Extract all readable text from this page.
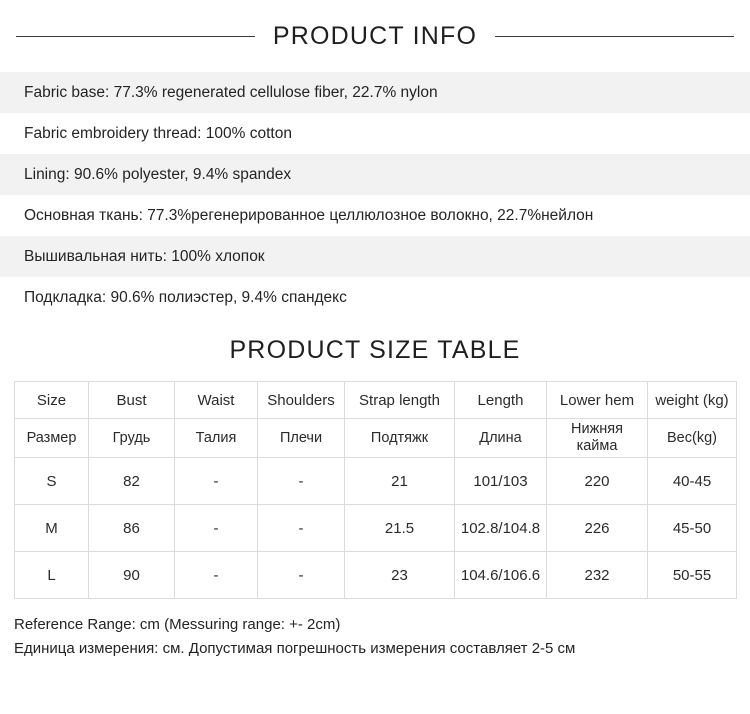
PRODUCT INFO
Fabric base: 77.3% regenerated cellulose fiber, 22.7% nylon
Fabric embroidery thread: 100% cotton
Lining: 90.6% polyester, 9.4% spandex
Основная ткань: 77.3%регенерированное целлюлозное волокно, 22.7%нейлон
Вышивальная нить: 100% хлопок
Подкладка: 90.6% полиэстер, 9.4% спандекс
PRODUCT SIZE TABLE
Size	Bust	Waist	Shoulders	Strap length	Length	Lower hem	weight (kg)
Размер	Грудь	Талия	Плечи	Подтяжк	Длина	Нижняя кайма	Вес(kg)
S	82	-	-	21	101/103	220	40-45
M	86	-	-	21.5	102.8/104.8	226	45-50
L	90	-	-	23	104.6/106.6	232	50-55
Reference Range: cm (Messuring range: +- 2cm)
Единица измерения: см. Допустимая погрешность измерения составляет 2-5 см
